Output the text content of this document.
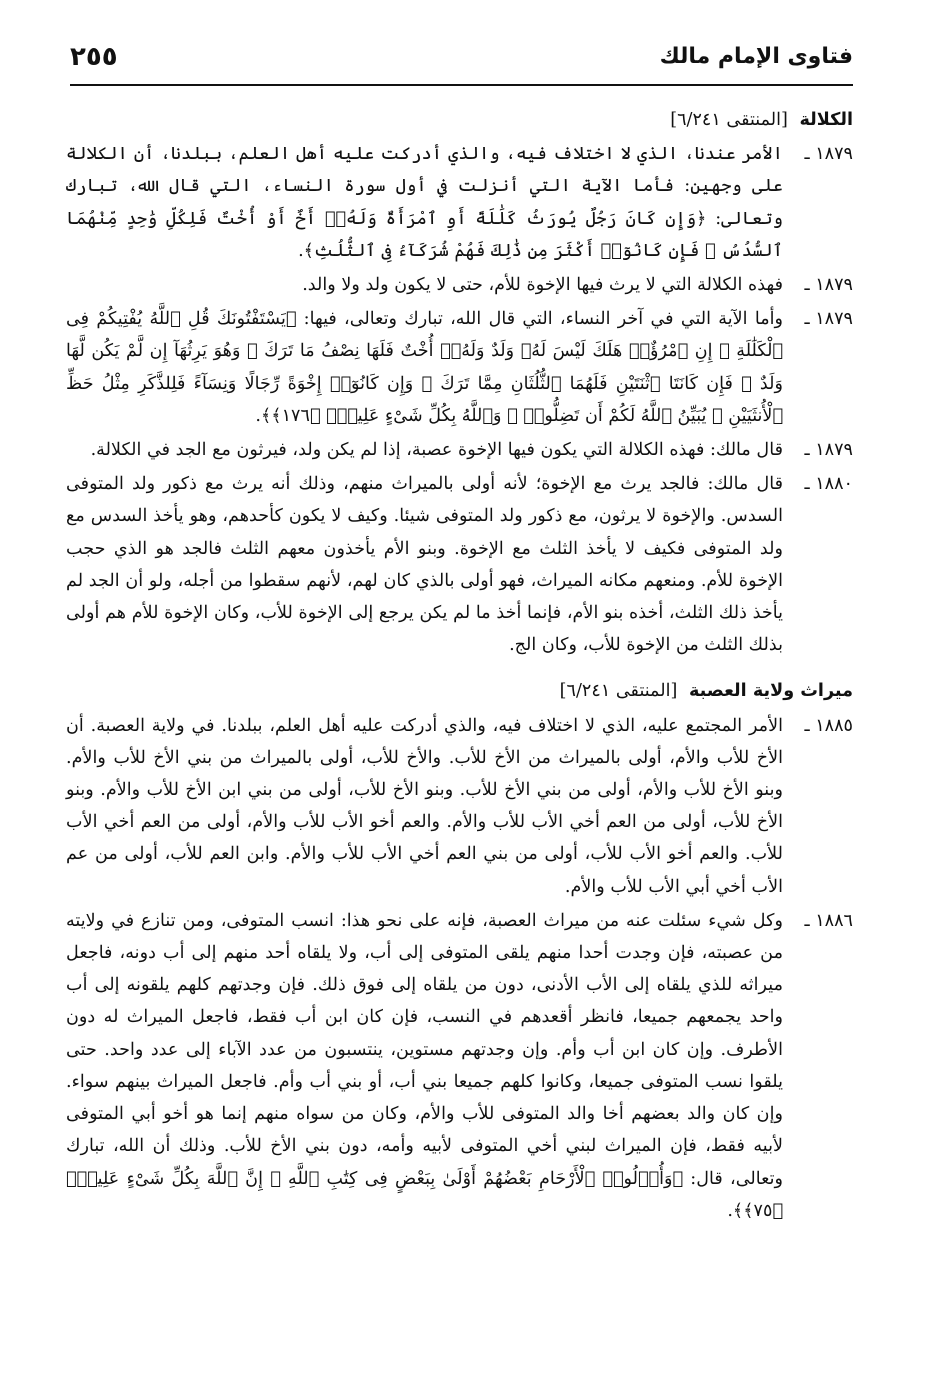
فتاوى الإمام مالك
٢٥٥
الكلالة [المنتقى ٦/٢٤١]
١٨٧٩ ـ
الأمر عندنا، الذي لا اختلاف فيه، والذي أدركت عليه أهل العلم، ببلدنا، أن الكلالة على وجهين: فأما الآية التي أنزلت في أول سورة النساء، التي قال الله، تبارك وتعالى: ﴿وَإِن كَانَ رَجُلٌ يُورَثُ كَلَٰلَةً أَوِ ٱمْرَأَةٌ وَلَهُۥٓ أَخٌ أَوْ أُخْتٌ فَلِكُلِّ وَٰحِدٍ مِّنْهُمَا ٱلسُّدُسُ ۚ فَإِن كَانُوٓا۟ أَكْثَرَ مِن ذَٰلِكَ فَهُمْ شُرَكَآءُ فِى ٱلثُّلُثِ﴾.
١٨٧٩ ـ
فهذه الكلالة التي لا يرث فيها الإخوة للأم، حتى لا يكون ولد ولا والد.
١٨٧٩ ـ
وأما الآية التي في آخر النساء، التي قال الله، تبارك وتعالى، فيها: ﴿يَسْتَفْتُونَكَ قُلِ ٱللَّهُ يُفْتِيكُمْ فِى ٱلْكَلَٰلَةِ ۚ إِنِ ٱمْرُؤٌا۟ هَلَكَ لَيْسَ لَهُۥ وَلَدٌ وَلَهُۥٓ أُخْتٌ فَلَهَا نِصْفُ مَا تَرَكَ ۚ وَهُوَ يَرِثُهَآ إِن لَّمْ يَكُن لَّهَا وَلَدٌ ۚ فَإِن كَانَتَا ٱثْنَتَيْنِ فَلَهُمَا ٱلثُّلُثَانِ مِمَّا تَرَكَ ۚ وَإِن كَانُوٓا۟ إِخْوَةً رِّجَالًا وَنِسَآءً فَلِلذَّكَرِ مِثْلُ حَظِّ ٱلْأُنثَيَيْنِ ۗ يُبَيِّنُ ٱللَّهُ لَكُمْ أَن تَضِلُّوا۟ ۗ وَٱللَّهُ بِكُلِّ شَىْءٍ عَلِيمٌۢ ﴿١٧٦﴾﴾.
١٨٧٩ ـ
قال مالك: فهذه الكلالة التي يكون فيها الإخوة عصبة، إذا لم يكن ولد، فيرثون مع الجد في الكلالة.
١٨٨٠ ـ
قال مالك: فالجد يرث مع الإخوة؛ لأنه أولى بالميراث منهم، وذلك أنه يرث مع ذكور ولد المتوفى السدس. والإخوة لا يرثون، مع ذكور ولد المتوفى شيئا. وكيف لا يكون كأحدهم، وهو يأخذ السدس مع ولد المتوفى فكيف لا يأخذ الثلث مع الإخوة. وبنو الأم يأخذون معهم الثلث فالجد هو الذي حجب الإخوة للأم. ومنعهم مكانه الميراث، فهو أولى بالذي كان لهم، لأنهم سقطوا من أجله، ولو أن الجد لم يأخذ ذلك الثلث، أخذه بنو الأم، فإنما أخذ ما لم يكن يرجع إلى الإخوة للأب، وكان الإخوة للأم هم أولى بذلك الثلث من الإخوة للأب، وكان الج.
ميراث ولاية العصبة [المنتقى ٦/٢٤١]
١٨٨٥ ـ
الأمر المجتمع عليه، الذي لا اختلاف فيه، والذي أدركت عليه أهل العلم، ببلدنا. في ولاية العصبة. أن الأخ للأب والأم، أولى بالميراث من الأخ للأب. والأخ للأب، أولى بالميراث من بني الأخ للأب والأم. وبنو الأخ للأب والأم، أولى من بني الأخ للأب. وبنو الأخ للأب، أولى من بني ابن الأخ للأب والأم. وبنو الأخ للأب، أولى من العم أخي الأب للأب والأم. والعم أخو الأب للأب والأم، أولى من العم أخي الأب للأب. والعم أخو الأب للأب، أولى من بني العم أخي الأب للأب والأم. وابن العم للأب، أولى من عم الأب أخي أبي الأب للأب والأم.
١٨٨٦ ـ
وكل شيء سئلت عنه من ميراث العصبة، فإنه على نحو هذا: انسب المتوفى، ومن تنازع في ولايته من عصبته، فإن وجدت أحدا منهم يلقى المتوفى إلى أب، ولا يلقاه أحد منهم إلى أب دونه، فاجعل ميراثه للذي يلقاه إلى الأب الأدنى، دون من يلقاه إلى فوق ذلك. فإن وجدتهم كلهم يلقونه إلى أب واحد يجمعهم جميعا، فانظر أقعدهم في النسب، فإن كان ابن أب فقط، فاجعل الميراث له دون الأطرف. وإن كان ابن أب وأم. وإن وجدتهم مستوين، ينتسبون من عدد الآباء إلى عدد واحد. حتى يلقوا نسب المتوفى جميعا، وكانوا كلهم جميعا بني أب، أو بني أب وأم. فاجعل الميراث بينهم سواء. وإن كان والد بعضهم أخا والد المتوفى للأب والأم، وكان من سواه منهم إنما هو أخو أبي المتوفى لأبيه فقط، فإن الميراث لبني أخي المتوفى لأبيه وأمه، دون بني الأخ للأب. وذلك أن الله، تبارك وتعالى، قال: ﴿وَأُو۟لُوا۟ ٱلْأَرْحَامِ بَعْضُهُمْ أَوْلَىٰ بِبَعْضٍ فِى كِتَٰبِ ٱللَّهِ ۗ إِنَّ ٱللَّهَ بِكُلِّ شَىْءٍ عَلِيمٌۢ ﴿٧٥﴾﴾.
